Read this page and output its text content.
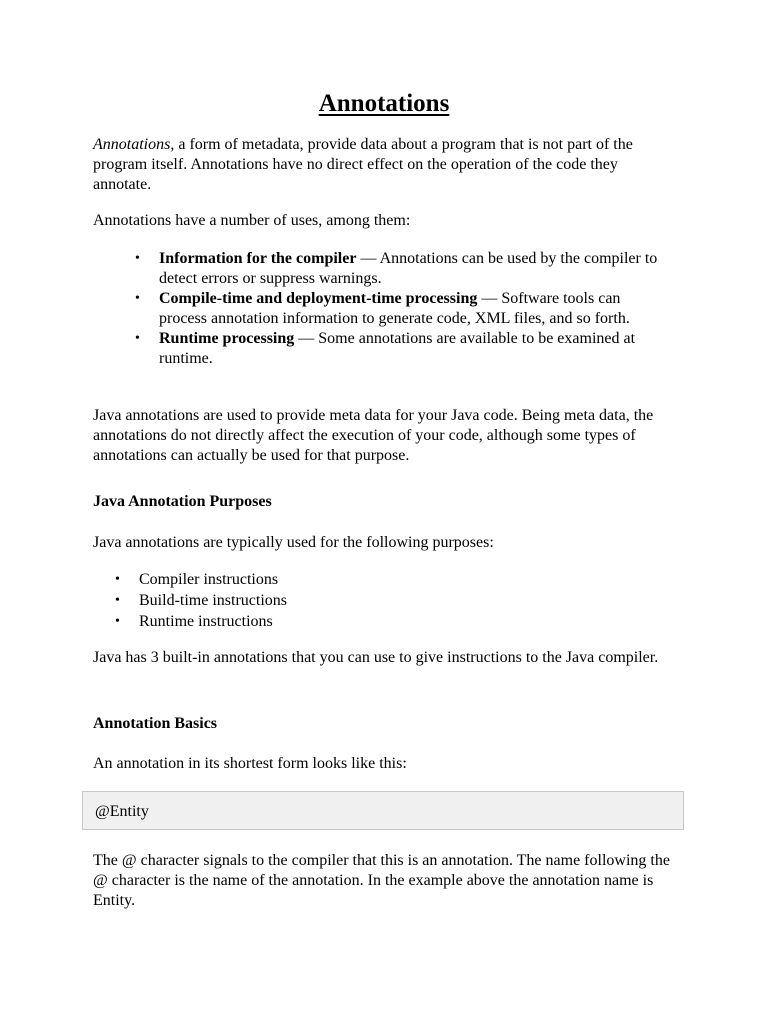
Annotations

Annotations, a form of metadata, provide data about a program that is not part of the program itself. Annotations have no direct effect on the operation of the code they annotate.

Annotations have a number of uses, among them:

• Information for the compiler — Annotations can be used by the compiler to detect errors or suppress warnings.
• Compile-time and deployment-time processing — Software tools can process annotation information to generate code, XML files, and so forth.
• Runtime processing — Some annotations are available to be examined at runtime.

Java annotations are used to provide meta data for your Java code. Being meta data, the annotations do not directly affect the execution of your code, although some types of annotations can actually be used for that purpose.

Java Annotation Purposes

Java annotations are typically used for the following purposes:

• Compiler instructions
• Build-time instructions
• Runtime instructions

Java has 3 built-in annotations that you can use to give instructions to the Java compiler.

Annotation Basics

An annotation in its shortest form looks like this:

@Entity

The @ character signals to the compiler that this is an annotation. The name following the @ character is the name of the annotation. In the example above the annotation name is Entity.
